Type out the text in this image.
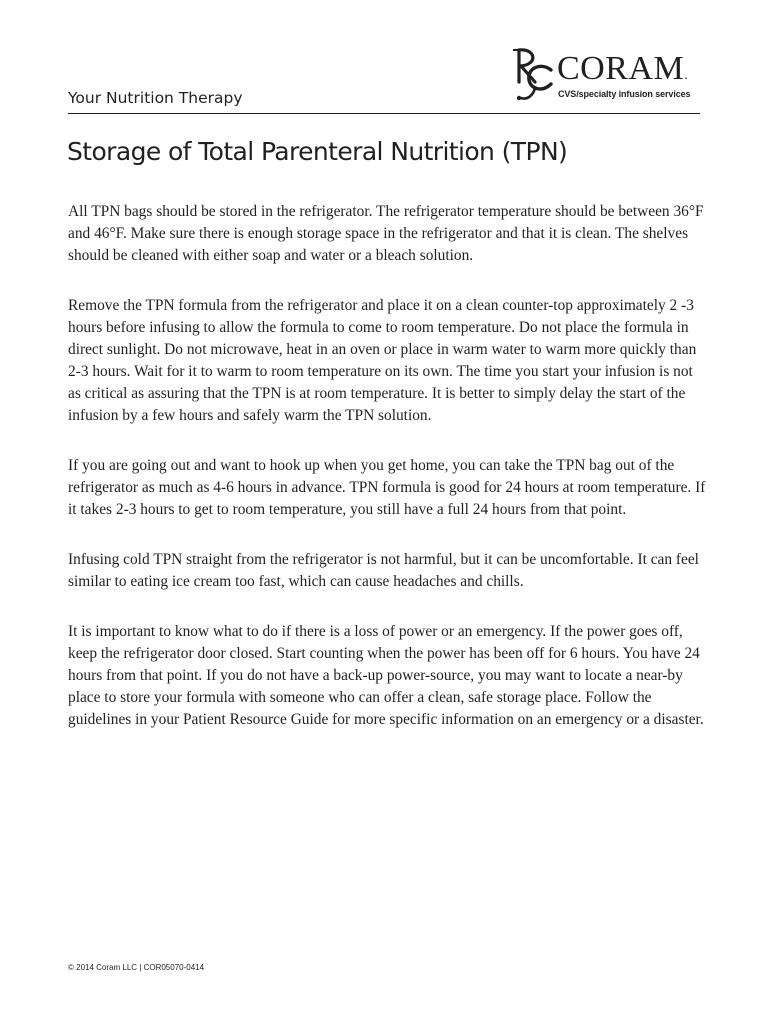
CORAM.
CVS/specialty infusion services
Your Nutrition Therapy
Storage of Total Parenteral Nutrition (TPN)

All TPN bags should be stored in the refrigerator. The refrigerator temperature should be between 36°F and 46°F. Make sure there is enough storage space in the refrigerator and that it is clean. The shelves should be cleaned with either soap and water or a bleach solution.

Remove the TPN formula from the refrigerator and place it on a clean counter-top approximately 2 -3 hours before infusing to allow the formula to come to room temperature. Do not place the formula in direct sunlight. Do not microwave, heat in an oven or place in warm water to warm more quickly than 2-3 hours. Wait for it to warm to room temperature on its own. The time you start your infusion is not as critical as assuring that the TPN is at room temperature. It is better to simply delay the start of the infusion by a few hours and safely warm the TPN solution.

If you are going out and want to hook up when you get home, you can take the TPN bag out of the refrigerator as much as 4-6 hours in advance. TPN formula is good for 24 hours at room temperature. If it takes 2-3 hours to get to room temperature, you still have a full 24 hours from that point.

Infusing cold TPN straight from the refrigerator is not harmful, but it can be uncomfortable. It can feel similar to eating ice cream too fast, which can cause headaches and chills.

It is important to know what to do if there is a loss of power or an emergency. If the power goes off, keep the refrigerator door closed. Start counting when the power has been off for 6 hours. You have 24 hours from that point. If you do not have a back-up power-source, you may want to locate a near-by place to store your formula with someone who can offer a clean, safe storage place. Follow the guidelines in your Patient Resource Guide for more specific information on an emergency or a disaster.

© 2014 Coram LLC | COR05070-0414
